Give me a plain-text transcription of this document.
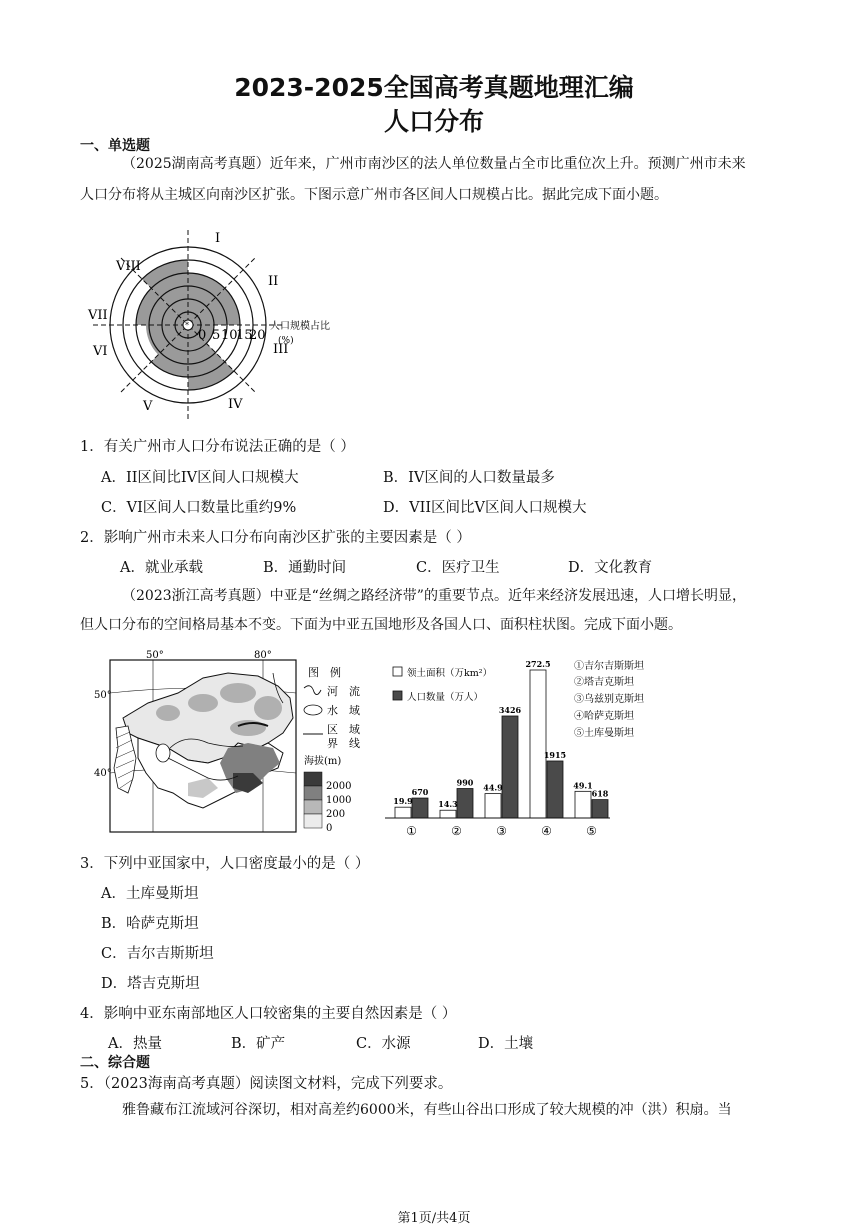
2023-2025全国高考真题地理汇编
人口分布
一、单选题
（2025湖南高考真题）近年来，广州市南沙区的法人单位数量占全市比重位次上升。预测广州市未来
人口分布将从主城区向南沙区扩张。下图示意广州市各区间人口规模占比。据此完成下面小题。
*
I
II
III
IV
V
VI
VII
VIII
0 5 10
15
20
人口规模占比
(%)
1．有关广州市人口分布说法正确的是（ ）
A．II区间比IV区间人口规模大	B．IV区间的人口数量最多
C．VI区间人口数量比重约9%	D．VII区间比V区间人口规模大
2．影响广州市未来人口分布向南沙区扩张的主要因素是（ ）
A．就业承载	B．通勤时间	C．医疗卫生	D．文化教育
（2023浙江高考真题）中亚是“丝绸之路经济带”的重要节点。近年来经济发展迅速，人口增长明显，
但人口分布的空间格局基本不变。下面为中亚五国地形及各国人口、面积柱状图。完成下面小题。
50°	80°
50°
40°
图　例
河　流
水　域
区　域
界　线
海拔(m)
2000
1000
200
0
19.9
670
14.3
990
44.9
3426
272.5
1915
49.1
618
①	②	③	④	⑤
领土面积（万km²）
人口数量（万人）
①吉尔吉斯斯坦
②塔吉克斯坦
③乌兹别克斯坦
④哈萨克斯坦
⑤土库曼斯坦
3．下列中亚国家中，人口密度最小的是（ ）
A．土库曼斯坦
B．哈萨克斯坦
C．吉尔吉斯斯坦
D．塔吉克斯坦
4．影响中亚东南部地区人口较密集的主要自然因素是（ ）
A．热量	B．矿产	C．水源	D．土壤
二、综合题
5．（2023海南高考真题）阅读图文材料，完成下列要求。
雅鲁藏布江流域河谷深切，相对高差约6000米，有些山谷出口形成了较大规模的冲（洪）积扇。当
第1页/共4页
